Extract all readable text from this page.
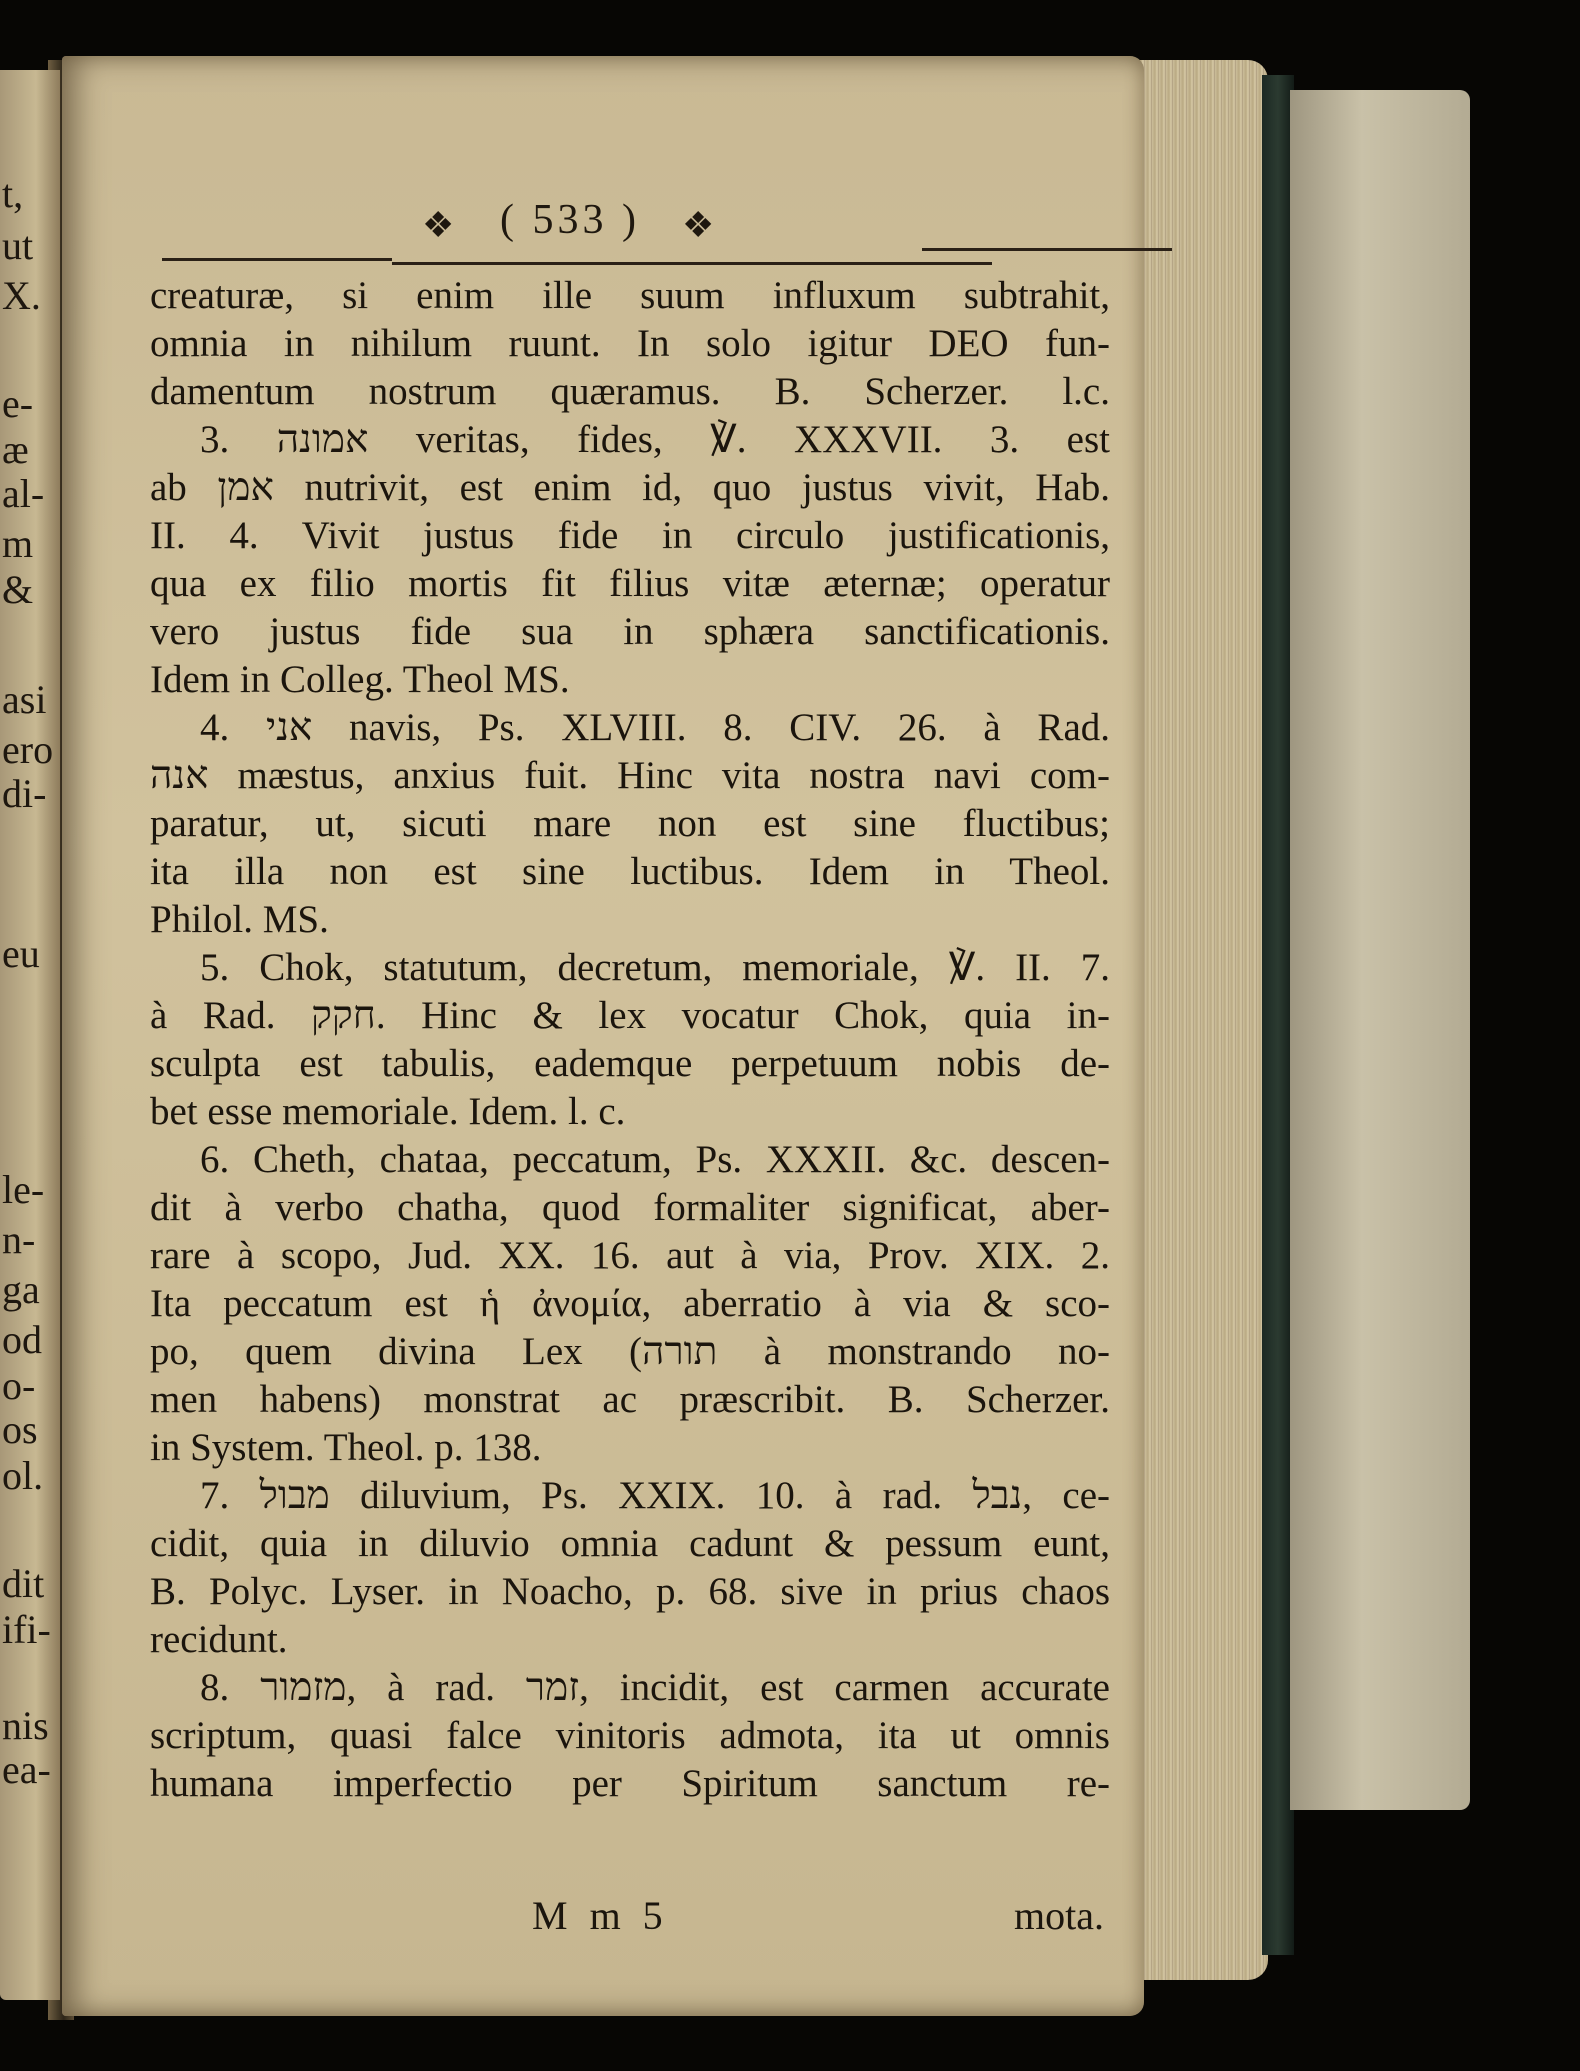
t,
ut
X.
e-
æ
al-
m
&
asi
ero
di-
eu
le-
n-
ga
od
o-
os
ol.
dit
ifi-
nis
ea-
❖ ( 533 ) ❖
creaturæ, si enim ille suum influxum subtrahit,
omnia in nihilum ruunt. In solo igitur DEO fun-
damentum nostrum quæramus. B. Scherzer. l.c.
3. אמונה veritas, fides, ℣. XXXVII. 3. est
ab אמן nutrivit, est enim id, quo justus vivit, Hab.
II. 4. Vivit justus fide in circulo justificationis,
qua ex filio mortis fit filius vitæ æternæ; operatur
vero justus fide sua in sphæra sanctificationis.
Idem in Colleg. Theol MS.
4. אני navis, Ps. XLVIII. 8. CIV. 26. à Rad.
אנה mæstus, anxius fuit. Hinc vita nostra navi com-
paratur, ut, sicuti mare non est sine fluctibus;
ita illa non est sine luctibus. Idem in Theol.
Philol. MS.
5. Chok, statutum, decretum, memoriale, ℣. II. 7.
à Rad. חקק. Hinc & lex vocatur Chok, quia in-
sculpta est tabulis, eademque perpetuum nobis de-
bet esse memoriale. Idem. l. c.
6. Cheth, chataa, peccatum, Ps. XXXII. &c. descen-
dit à verbo chatha, quod formaliter significat, aber-
rare à scopo, Jud. XX. 16. aut à via, Prov. XIX. 2.
Ita peccatum est ἡ ἀνομία, aberratio à via & sco-
po, quem divina Lex (תורה à monstrando no-
men habens) monstrat ac præscribit. B. Scherzer.
in System. Theol. p. 138.
7. מבול diluvium, Ps. XXIX. 10. à rad. נבל, ce-
cidit, quia in diluvio omnia cadunt & pessum eunt,
B. Polyc. Lyser. in Noacho, p. 68. sive in prius chaos
recidunt.
8. מזמור, à rad. זמר, incidit, est carmen accurate
scriptum, quasi falce vinitoris admota, ita ut omnis
humana imperfectio per Spiritum sanctum re-
M m 5	mota.
